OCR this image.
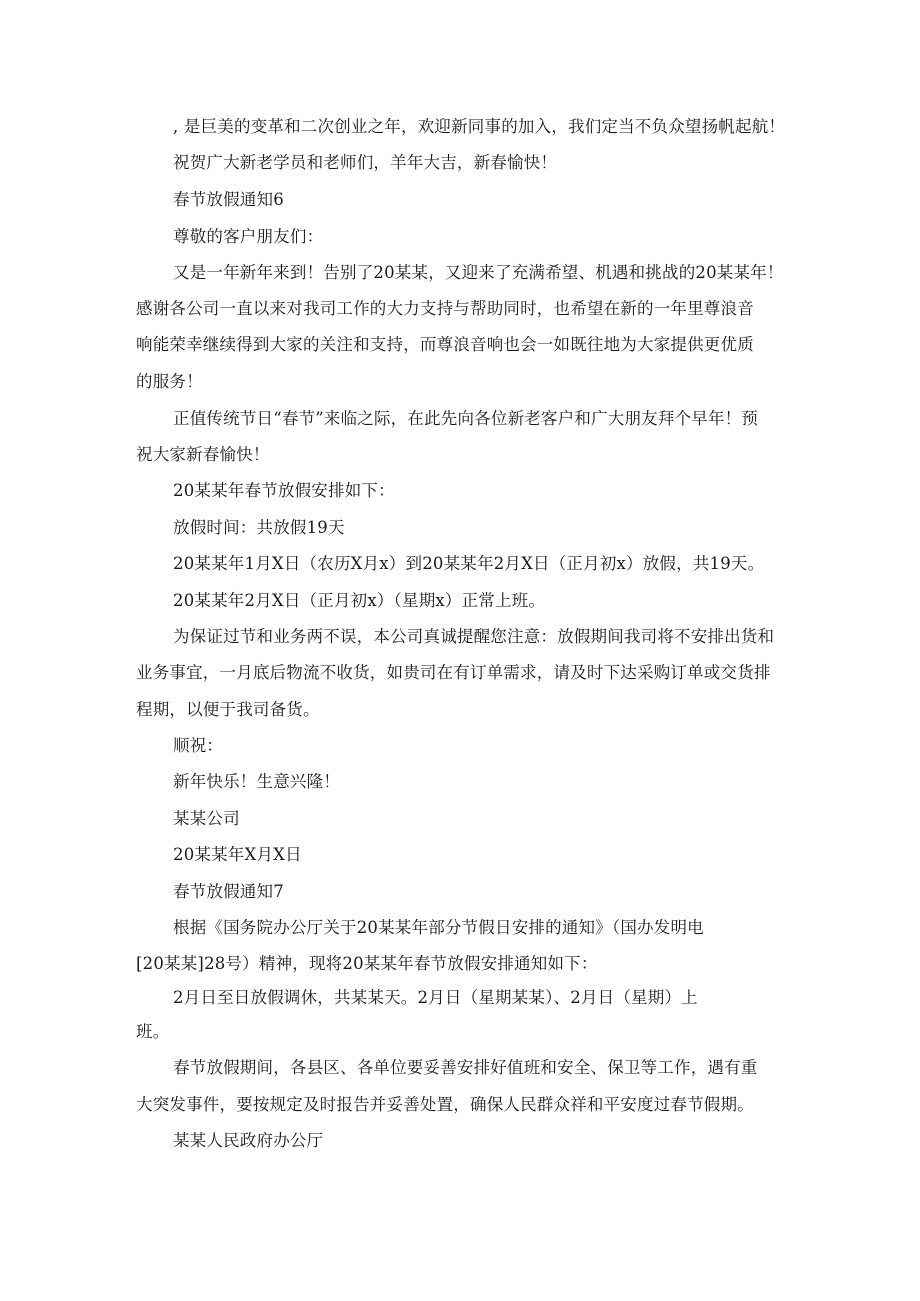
, 是巨美的变革和二次创业之年，欢迎新同事的加入，我们定当不负众望扬帆起航！
祝贺广大新老学员和老师们，羊年大吉，新春愉快！
春节放假通知6
尊敬的客户朋友们：
又是一年新年来到！告别了20某某，又迎来了充满希望、机遇和挑战的20某某年！
感谢各公司一直以来对我司工作的大力支持与帮助同时，也希望在新的一年里尊浪音
响能荣幸继续得到大家的关注和支持，而尊浪音响也会一如既往地为大家提供更优质
的服务！
正值传统节日“春节”来临之际，在此先向各位新老客户和广大朋友拜个早年！预
祝大家新春愉快！
20某某年春节放假安排如下：
放假时间：共放假19天
20某某年1月X日（农历X月x）到20某某年2月X日（正月初x）放假，共19天。
20某某年2月X日（正月初x）（星期x）正常上班。
为保证过节和业务两不误，本公司真诚提醒您注意：放假期间我司将不安排出货和
业务事宜，一月底后物流不收货，如贵司在有订单需求，请及时下达采购订单或交货排
程期，以便于我司备货。
顺祝：
新年快乐！生意兴隆！
某某公司
20某某年X月X日
春节放假通知7
根据《国务院办公厅关于20某某年部分节假日安排的通知》（国办发明电
[20某某]28号）精神，现将20某某年春节放假安排通知如下：
2月日至日放假调休，共某某天。2月日（星期某某）、2月日（星期）上
班。
春节放假期间，各县区、各单位要妥善安排好值班和安全、保卫等工作，遇有重
大突发事件，要按规定及时报告并妥善处置，确保人民群众祥和平安度过春节假期。
某某人民政府办公厅
